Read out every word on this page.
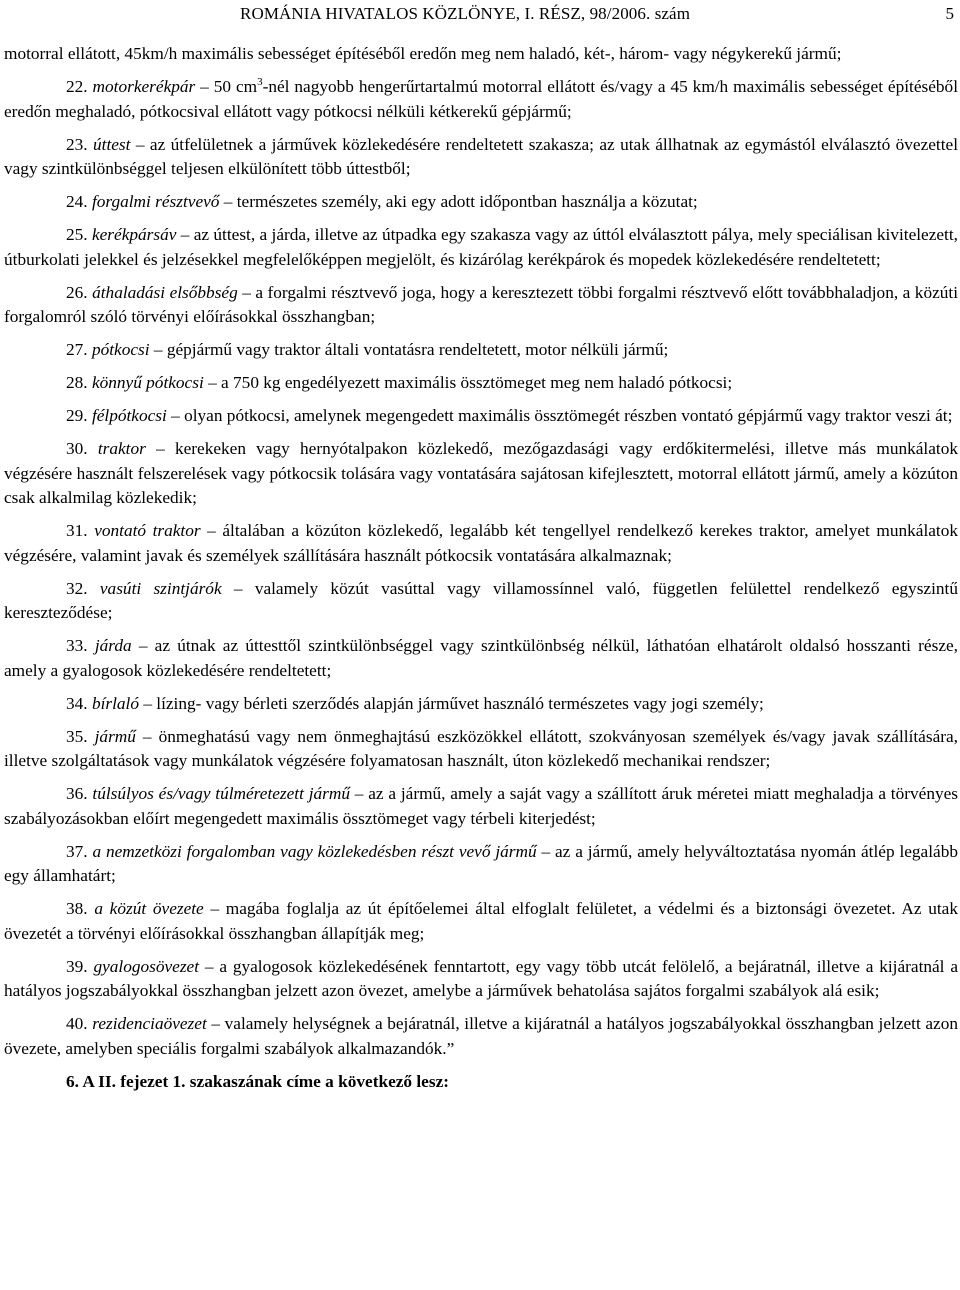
ROMÁNIA HIVATALOS KÖZLÖNYE, I. RÉSZ, 98/2006. szám	5

motorral ellátott, 45km/h maximális sebességet építéséből eredőn meg nem haladó, két-, három- vagy négykerekű jármű;

22. motorkerékpár – 50 $cm^3$-nél nagyobb hengerűrtartalmú motorral ellátott és/vagy a 45 km/h maximális sebességet építéséből eredőn meghaladó, pótkocsival ellátott vagy pótkocsi nélküli kétkerekű gépjármű;

23. úttest – az útfelületnek a járművek közlekedésére rendeltetett szakasza; az utak állhatnak az egymástól elválasztó övezettel vagy szintkülönbséggel teljesen elkülönített több úttestből;

24. forgalmi résztvevő – természetes személy, aki egy adott időpontban használja a közutat;

25. kerékpársáv – az úttest, a járda, illetve az útpadka egy szakasza vagy az úttól elválasztott pálya, mely speciálisan kivitelezett, útburkolati jelekkel és jelzésekkel megfelelőképpen megjelölt, és kizárólag kerékpárok és mopedek közlekedésére rendeltetett;

26. áthaladási elsőbbség – a forgalmi résztvevő joga, hogy a keresztezett többi forgalmi résztvevő előtt továbbhaladjon, a közúti forgalomról szóló törvényi előírásokkal összhangban;

27. pótkocsi – gépjármű vagy traktor általi vontatásra rendeltetett, motor nélküli jármű;

28. könnyű pótkocsi – a 750 kg engedélyezett maximális össztömeget meg nem haladó pótkocsi;

29. félpótkocsi – olyan pótkocsi, amelynek megengedett maximális össztömegét részben vontató gépjármű vagy traktor veszi át;

30. traktor – kerekeken vagy hernyótalpakon közlekedő, mezőgazdasági vagy erdőkitermelési, illetve más munkálatok végzésére használt felszerelések vagy pótkocsik tolására vagy vontatására sajátosan kifejlesztett, motorral ellátott jármű, amely a közúton csak alkalmilag közlekedik;

31. vontató traktor – általában a közúton közlekedő, legalább két tengellyel rendelkező kerekes traktor, amelyet munkálatok végzésére, valamint javak és személyek szállítására használt pótkocsik vontatására alkalmaznak;

32. vasúti szintjárók – valamely közút vasúttal vagy villamossínnel való, független felülettel rendelkező egyszintű kereszteződése;

33. járda – az útnak az úttesttől szintkülönbséggel vagy szintkülönbség nélkül, láthatóan elhatárolt oldalsó hosszanti része, amely a gyalogosok közlekedésére rendeltetett;

34. bírlaló – lízing- vagy bérleti szerződés alapján járművet használó természetes vagy jogi személy;

35. jármű – önmeghatású vagy nem önmeghajtású eszközökkel ellátott, szokványosan személyek és/vagy javak szállítására, illetve szolgáltatások vagy munkálatok végzésére folyamatosan használt, úton közlekedő mechanikai rendszer;

36. túlsúlyos és/vagy túlméretezett jármű – az a jármű, amely a saját vagy a szállított áruk méretei miatt meghaladja a törvényes szabályozásokban előírt megengedett maximális össztömeget vagy térbeli kiterjedést;

37. a nemzetközi forgalomban vagy közlekedésben részt vevő jármű – az a jármű, amely helyváltoztatása nyomán átlép legalább egy államhatárt;

38. a közút övezete – magába foglalja az út építőelemei által elfoglalt felületet, a védelmi és a biztonsági övezetet. Az utak övezetét a törvényi előírásokkal összhangban állapítják meg;

39. gyalogosövezet – a gyalogosok közlekedésének fenntartott, egy vagy több utcát felölelő, a bejáratnál, illetve a kijáratnál a hatályos jogszabályokkal összhangban jelzett azon övezet, amelybe a járművek behatolása sajátos forgalmi szabályok alá esik;

40. rezidenciaövezet – valamely helységnek a bejáratnál, illetve a kijáratnál a hatályos jogszabályokkal összhangban jelzett azon övezete, amelyben speciális forgalmi szabályok alkalmazandók.”

6. A II. fejezet 1. szakaszának címe a következő lesz:
